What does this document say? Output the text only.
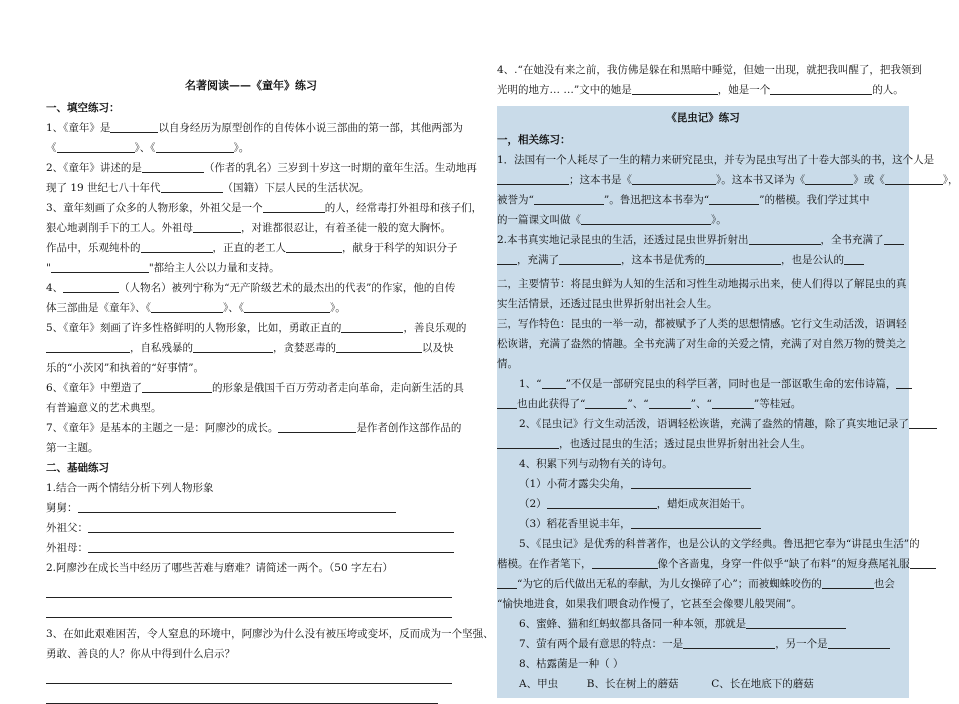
名著阅读——《童年》练习

一、填空练习：

1、《童年》是	以自身经历为原型创作的自传体小说三部曲的第一部，其他两部为

《	》、《	》。

2、《童年》讲述的是	（作者的乳名）三岁到十岁这一时期的童年生活。生动地再

现了 19 世纪七八十年代	（国籍）下层人民的生活状况。

3、童年刻画了众多的人物形象，外祖父是一个	的人，经常毒打外祖母和孩子们，

狠心地剥削手下的工人。外祖母	，对谁都很忍让，有着圣徒一般的宽大胸怀。

作品中，乐观纯朴的	，正直的老工人	，献身于科学的知识分子

"	"都给主人公以力量和支持。

4、	（人物名）被列宁称为“无产阶级艺术的最杰出的代表”的作家，他的自传

体三部曲是《童年》、《	》、《	》。

5、《童年》刻画了许多性格鲜明的人物形象，比如，勇敢正直的	，善良乐观的

，自私残暴的	，贪婪恶毒的	以及快

乐的“小茨冈”和执着的“好事情”。

6、《童年》中塑造了	的形象是俄国千百万劳动者走向革命，走向新生活的具

有普遍意义的艺术典型。

7、《童年》是基本的主题之一是：阿廖沙的成长。	是作者创作这部作品的

第一主题。

二、基础练习

1.结合一两个情结分析下列人物形象

舅舅：

外祖父：

外祖母：

2.阿廖沙在成长当中经历了哪些苦难与磨难？请简述一两个。（50 字左右）

3、在如此艰难困苦，令人窒息的环境中，阿廖沙为什么没有被压垮或变坏，反而成为一个坚强、

勇敢、善良的人？你从中得到什么启示？

4、.“在她没有来之前，我仿佛是躲在和黑暗中睡觉，但她一出现，就把我叫醒了，把我领到

光明的地方… …”文中的她是	，她是一个	的人。

《昆虫记》练习

一，相关练习：

1．法国有一个人耗尽了一生的精力来研究昆虫，并专为昆虫写出了十卷大部头的书，这个人是

；这本书是《	》。这本书又译为《	》或《	》，

被誉为“	”。鲁迅把这本书奉为“	”的楷模。我们学过其中

的一篇课文叫做《	》。

2.本书真实地记录昆虫的生活，还透过昆虫世界折射出	，全书充满了

，充满了	，这本书是优秀的	，也是公认的

二，主要情节：将昆虫鲜为人知的生活和习性生动地揭示出来，使人们得以了解昆虫的真实生活情景，还透过昆虫世界折射出社会人生。

三，写作特色：昆虫的一举一动，都被赋予了人类的思想情感。它行文生动活泼，语调轻松诙谐，充满了盎然的情趣。全书充满了对生命的关爱之情，充满了对自然万物的赞美之情。

1、“ ”不仅是一部研究昆虫的科学巨著，同时也是一部讴歌生命的宏伟诗篇，

也由此获得了“	”、“	”、“	”等桂冠。

2、《昆虫记》行文生动活泼，语调轻松诙谐，充满了盎然的情趣，除了真实地记录了

，也透过昆虫的生活；透过昆虫世界折射出社会人生。

4、积累下列与动物有关的诗句。

（1）小荷才露尖尖角，

（2）	，蜡炬成灰泪始干。

（3）稻花香里说丰年，

5、《昆虫记》是优秀的科普著作，也是公认的文学经典。鲁迅把它奉为“讲昆虫生活”的

楷模。在作者笔下，	像个吝啬鬼，身穿一件似乎“缺了布料”的短身燕尾礼服

“为它的后代做出无私的奉献，为儿女操碎了心”；而被蜘蛛咬伤的	也会

“愉快地进食，如果我们喂食动作慢了，它甚至会像婴儿般哭闹”。

6、蜜蜂、猫和红蚂蚁都具备同一种本领，那就是

7、萤有两个最有意思的特点：一是	，另一个是

8、枯露菌是一种（ ）

A、甲虫	B、长在树上的蘑菇	C、长在地底下的蘑菇
